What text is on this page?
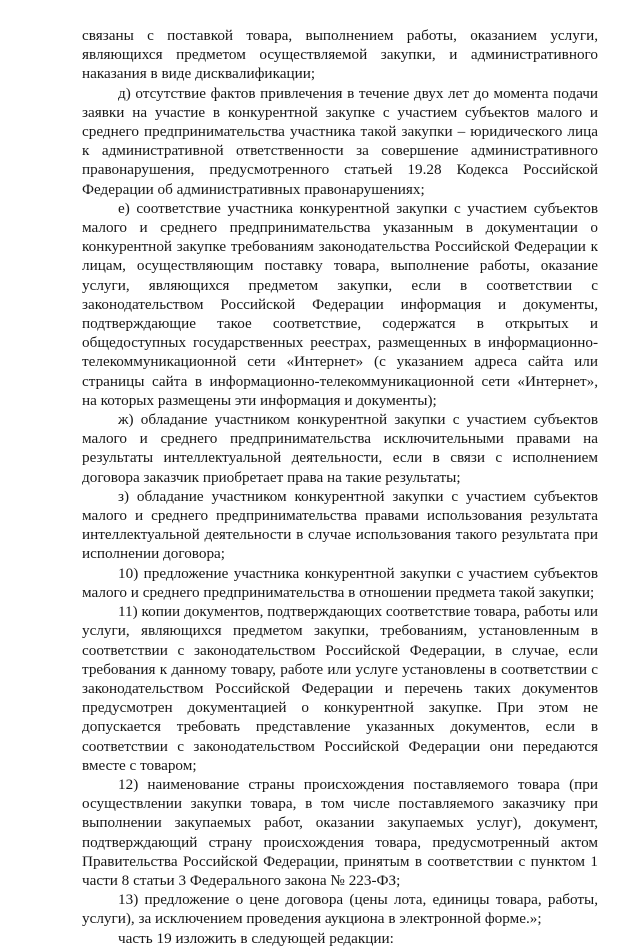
связаны с поставкой товара, выполнением работы, оказанием услуги, являющихся предметом осуществляемой закупки, и административного наказания в виде дисквалификации;

д) отсутствие фактов привлечения в течение двух лет до момента подачи заявки на участие в конкурентной закупке с участием субъектов малого и среднего предпринимательства участника такой закупки – юридического лица к административной ответственности за совершение административного правонарушения, предусмотренного статьей 19.28 Кодекса Российской Федерации об административных правонарушениях;

е) соответствие участника конкурентной закупки с участием субъектов малого и среднего предпринимательства указанным в документации о конкурентной закупке требованиям законодательства Российской Федерации к лицам, осуществляющим поставку товара, выполнение работы, оказание услуги, являющихся предметом закупки, если в соответствии с законодательством Российской Федерации информация и документы, подтверждающие такое соответствие, содержатся в открытых и общедоступных государственных реестрах, размещенных в информационно-телекоммуникационной сети «Интернет» (с указанием адреса сайта или страницы сайта в информационно-телекоммуникационной сети «Интернет», на которых размещены эти информация и документы);

ж) обладание участником конкурентной закупки с участием субъектов малого и среднего предпринимательства исключительными правами на результаты интеллектуальной деятельности, если в связи с исполнением договора заказчик приобретает права на такие результаты;

з) обладание участником конкурентной закупки с участием субъектов малого и среднего предпринимательства правами использования результата интеллектуальной деятельности в случае использования такого результата при исполнении договора;

10) предложение участника конкурентной закупки с участием субъектов малого и среднего предпринимательства в отношении предмета такой закупки;

11) копии документов, подтверждающих соответствие товара, работы или услуги, являющихся предметом закупки, требованиям, установленным в соответствии с законодательством Российской Федерации, в случае, если требования к данному товару, работе или услуге установлены в соответствии с законодательством Российской Федерации и перечень таких документов предусмотрен документацией о конкурентной закупке. При этом не допускается требовать представление указанных документов, если в соответствии с законодательством Российской Федерации они передаются вместе с товаром;

12) наименование страны происхождения поставляемого товара (при осуществлении закупки товара, в том числе поставляемого заказчику при выполнении закупаемых работ, оказании закупаемых услуг), документ, подтверждающий страну происхождения товара, предусмотренный актом Правительства Российской Федерации, принятым в соответствии с пунктом 1 части 8 статьи 3 Федерального закона № 223-ФЗ;

13) предложение о цене договора (цены лота, единицы товара, работы, услуги), за исключением проведения аукциона в электронной форме.»;

часть 19 изложить в следующей редакции:
